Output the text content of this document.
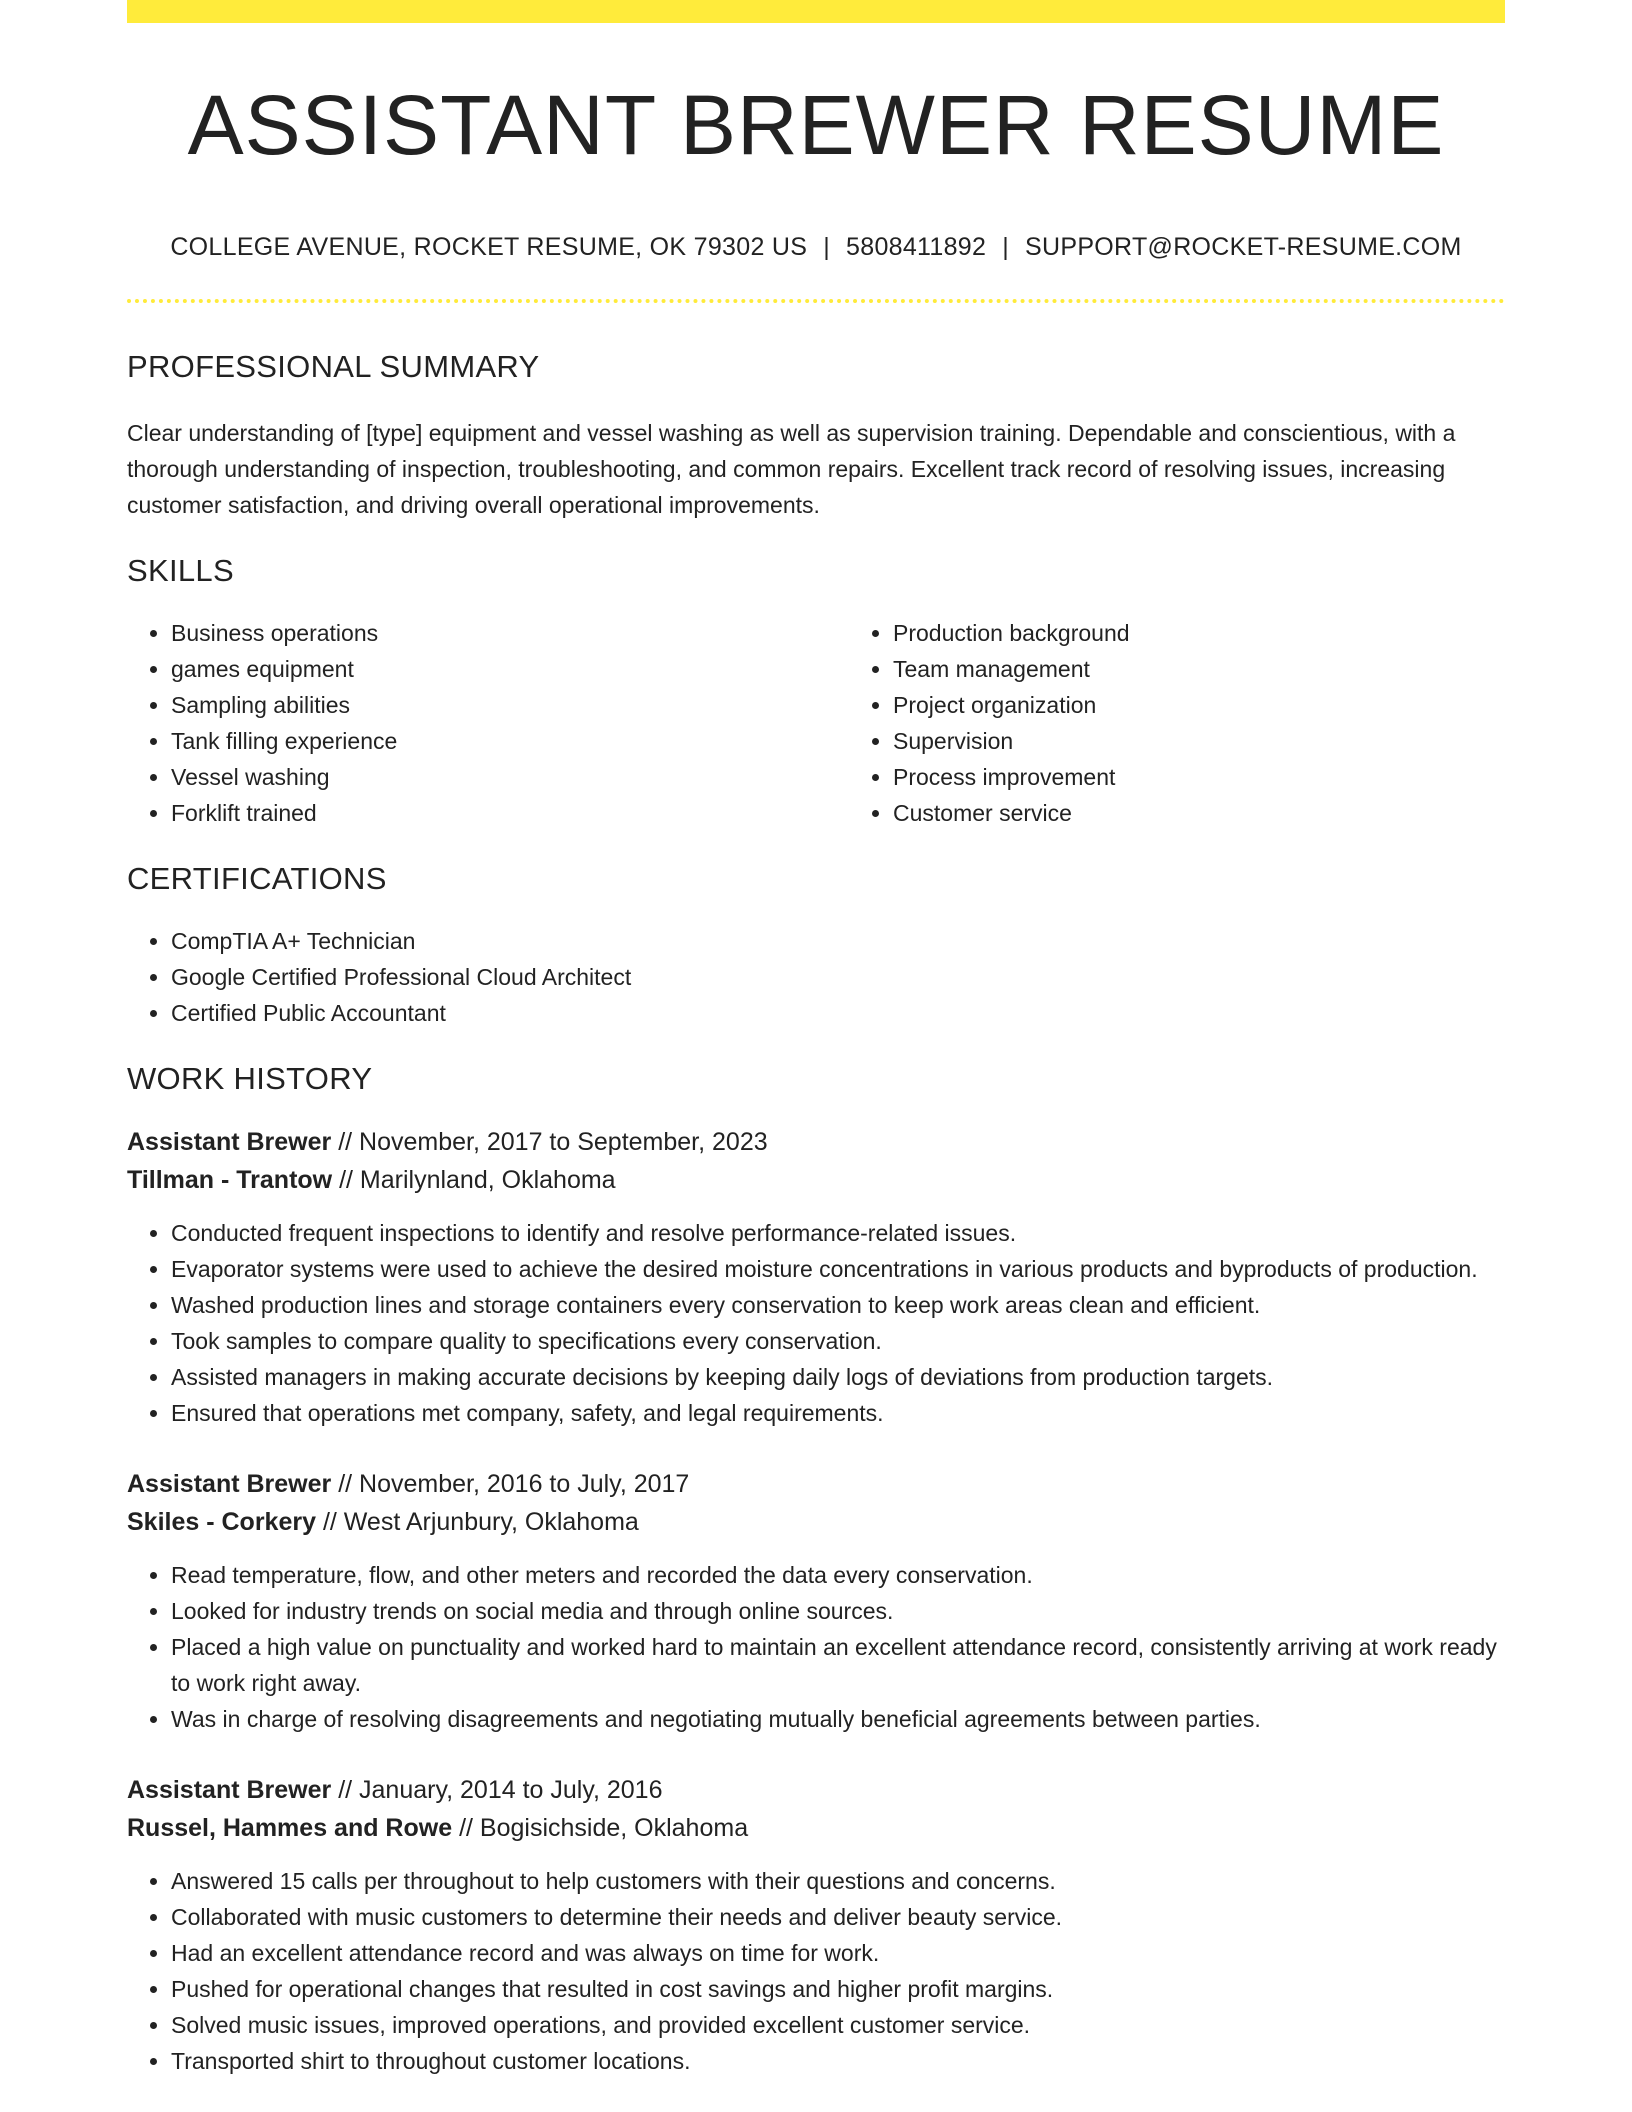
ASSISTANT BREWER RESUME
COLLEGE AVENUE, ROCKET RESUME, OK 79302 US | 5808411892 | SUPPORT@ROCKET-RESUME.COM
PROFESSIONAL SUMMARY

Clear understanding of [type] equipment and vessel washing as well as supervision training. Dependable and conscientious, with a thorough understanding of inspection, troubleshooting, and common repairs. Excellent track record of resolving issues, increasing customer satisfaction, and driving overall operational improvements.

SKILLS
• Business operations
• games equipment
• Sampling abilities
• Tank filling experience
• Vessel washing
• Forklift trained
• Production background
• Team management
• Project organization
• Supervision
• Process improvement
• Customer service
CERTIFICATIONS
• CompTIA A+ Technician
• Google Certified Professional Cloud Architect
• Certified Public Accountant
WORK HISTORY
Assistant Brewer // November, 2017 to September, 2023
Tillman - Trantow // Marilynland, Oklahoma
• Conducted frequent inspections to identify and resolve performance-related issues.
• Evaporator systems were used to achieve the desired moisture concentrations in various products and byproducts of production.
• Washed production lines and storage containers every conservation to keep work areas clean and efficient.
• Took samples to compare quality to specifications every conservation.
• Assisted managers in making accurate decisions by keeping daily logs of deviations from production targets.
• Ensured that operations met company, safety, and legal requirements.
Assistant Brewer // November, 2016 to July, 2017
Skiles - Corkery // West Arjunbury, Oklahoma
• Read temperature, flow, and other meters and recorded the data every conservation.
• Looked for industry trends on social media and through online sources.
• Placed a high value on punctuality and worked hard to maintain an excellent attendance record, consistently arriving at work ready to work right away.
• Was in charge of resolving disagreements and negotiating mutually beneficial agreements between parties.
Assistant Brewer // January, 2014 to July, 2016
Russel, Hammes and Rowe // Bogisichside, Oklahoma
• Answered 15 calls per throughout to help customers with their questions and concerns.
• Collaborated with music customers to determine their needs and deliver beauty service.
• Had an excellent attendance record and was always on time for work.
• Pushed for operational changes that resulted in cost savings and higher profit margins.
• Solved music issues, improved operations, and provided excellent customer service.
• Transported shirt to throughout customer locations.
